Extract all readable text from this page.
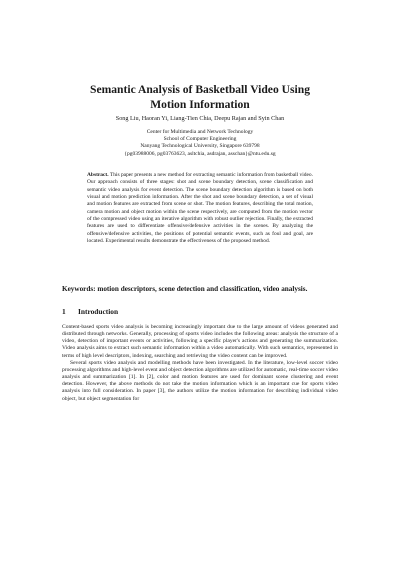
Semantic Analysis of Basketball Video Using
Motion Information
Song Liu, Haoran Yi, Liang-Tien Chia, Deepu Rajan and Syin Chan
Center for Multimedia and Network Technology
School of Computer Engineering
Nanyang Technological University, Singapore 639798
{pg03988006, pg03763623, asltchia, asdrajan, asschan}@ntu.edu.sg
Abstract. This paper presents a new method for extracting semantic information from basketball video. Our approach consists of three stages: shot and scene boundary detection, scene classification and semantic video analysis for event detection. The scene boundary detection algorithm is based on both visual and motion prediction information. After the shot and scene boundary detection, a set of visual and motion features are extracted from scene or shot. The motion features, describing the total motion, camera motion and object motion within the scene respectively, are computed from the motion vector of the compressed video using an iterative algorithm with robust outlier rejection. Finally, the extracted features are used to differentiate offensive/defensive activities in the scenes. By analyzing the offensive/defensive activities, the positions of potential semantic events, such as foul and goal, are located. Experimental results demonstrate the effectiveness of the proposed method.
Keywords: motion descriptors, scene detection and classification, video analysis.
1 Introduction

Content-based sports video analysis is becoming increasingly important due to the large amount of videos generated and distributed through networks. Generally, processing of sports video includes the following areas: analysis the structure of a video, detection of important events or activities, following a specific player's actions and generating the summarization. Video analysis aims to extract such semantic information within a video automatically. With such semantics, represented in terms of high level descriptors, indexing, searching and retrieving the video content can be improved.

Several sports video analysis and modelling methods have been investigated. In the literature, low-level soccer video processing algorithms and high-level event and object detection algorithms are utilized for automatic, real-time soccer video analysis and summarization [1]. In [2], color and motion features are used for dominant scene clustering and event detection. However, the above methods do not take the motion information which is an important cue for sports video analysis into full consideration. In paper [3], the authors utilize the motion information for describing individual video object, but object segmentation for
